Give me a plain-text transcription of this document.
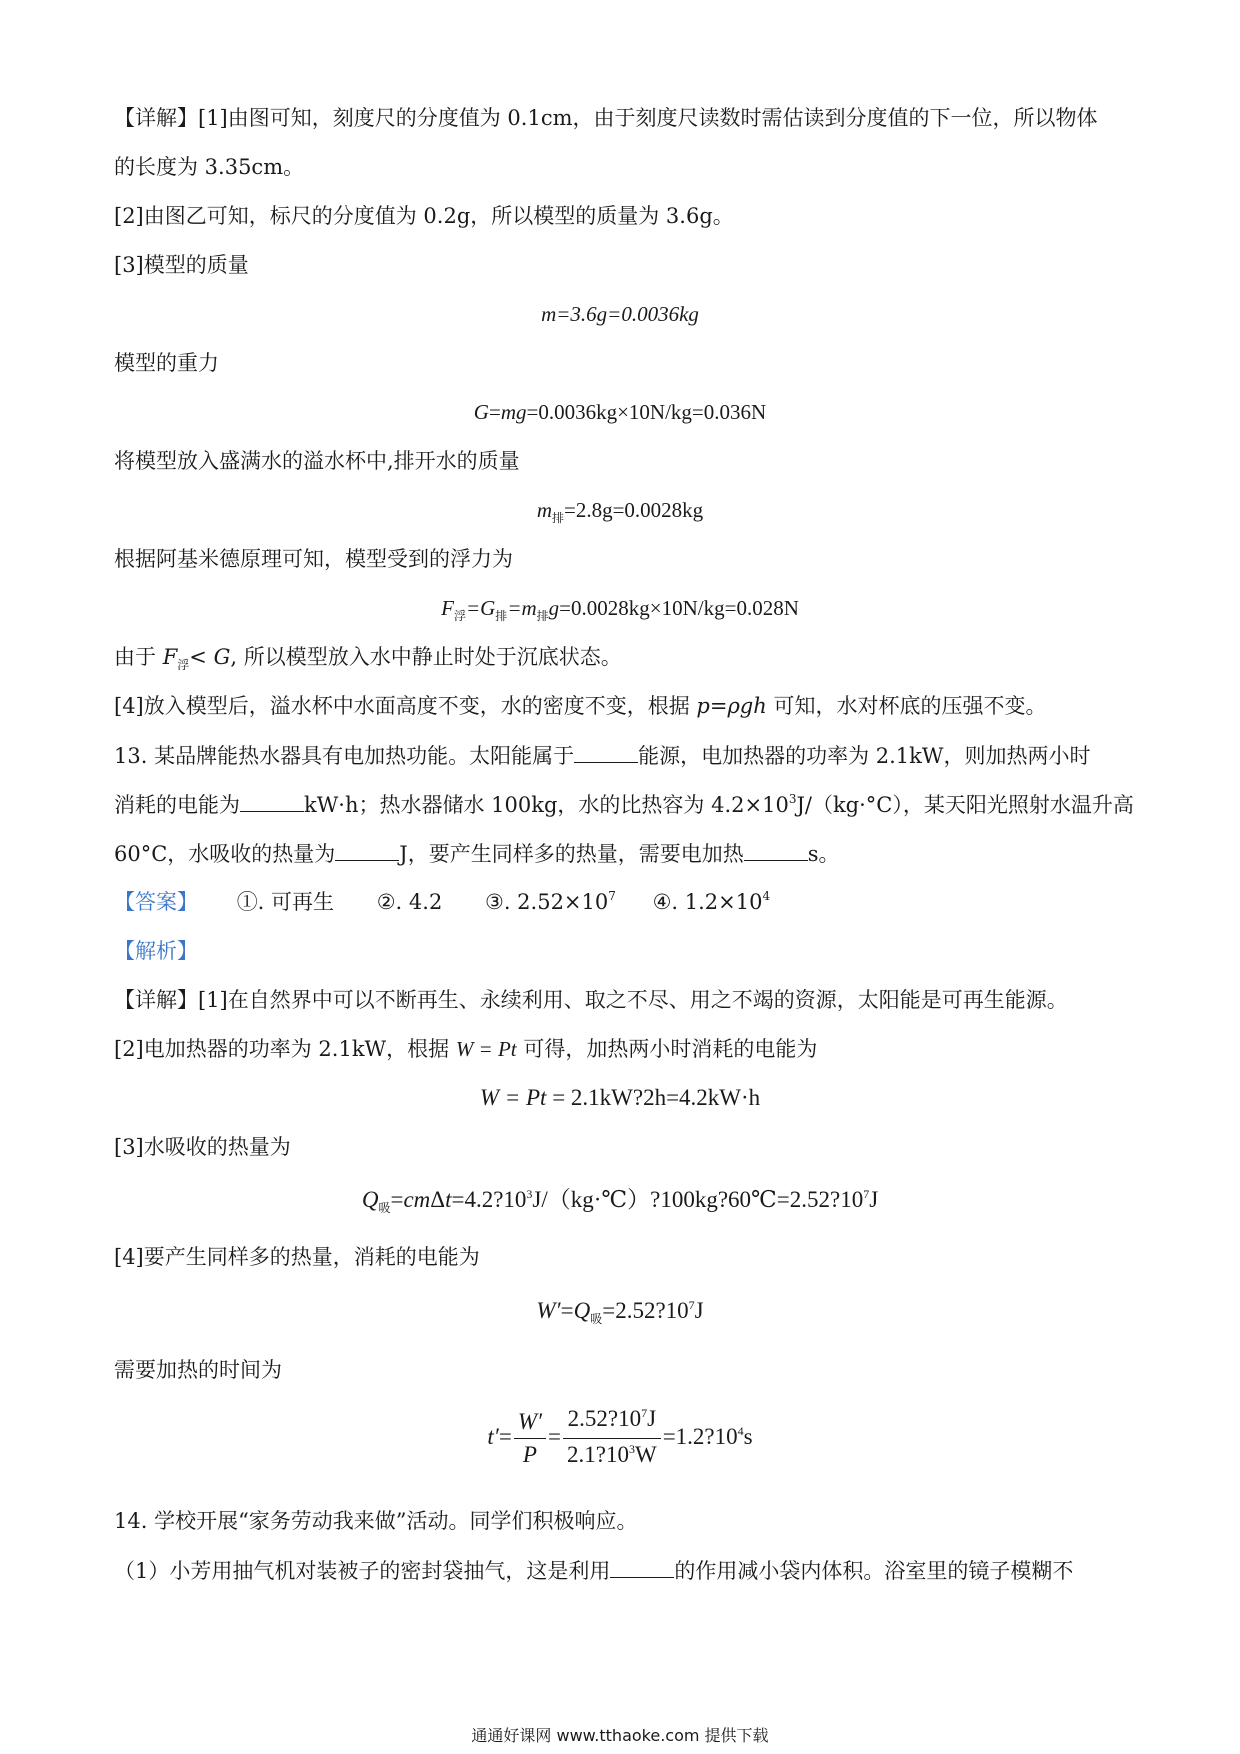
【详解】[1]由图可知，刻度尺的分度值为 0.1cm，由于刻度尺读数时需估读到分度值的下一位，所以物体
的长度为 3.35cm。
[2]由图乙可知，标尺的分度值为 0.2g，所以模型的质量为 3.6g。
[3]模型的质量
m=3.6g=0.0036kg
模型的重力
G=mg=0.0036kg×10N/kg=0.036N
将模型放入盛满水的溢水杯中,排开水的质量
$m_排=2.8g=0.0028kg$
根据阿基米德原理可知，模型受到的浮力为
$F_浮=G_排=m_排g=0.0028kg\times 10N/kg=0.028N$
由于 $F_浮< G$, 所以模型放入水中静止时处于沉底状态。
[4]放入模型后，溢水杯中水面高度不变，水的密度不变，根据 p=ρgh 可知，水对杯底的压强不变。
13. 某品牌能热水器具有电加热功能。太阳能属于	能源，电加热器的功率为 2.1kW，则加热两小时
消耗的电能为	kW·h；热水器储水 100kg，水的比热容为 $4.2\times 10^3J/(kg\cdot^\circ C)$，某天阳光照射水温升高
60°C，水吸收的热量为	J，要产生同样多的热量，需要电加热	s。
【答案】 ①. 可再生 ②. 4.2 ③. $2.52\times 10^7$ ④. $1.2\times 10^4$
【解析】
【详解】[1]在自然界中可以不断再生、永续利用、取之不尽、用之不竭的资源，太阳能是可再生能源。
[2]电加热器的功率为 2.1kW，根据 W = Pt 可得，加热两小时消耗的电能为
W = Pt = 2.1kW?2h=4.2kW·h
[3]水吸收的热量为
$Q_吸=cm\Delta t=4.2?10^3J/(kg\cdot℃)?100kg?60℃=2.52?10^7J$
[4]要产生同样多的热量，消耗的电能为
$W'=Q_吸=2.52?10^7J$
需要加热的时间为
$t'= \frac{W'}{P} = \frac{2.52?10^7J}{2.1?10^3W}$ $=1.2?10^4s$
14. 学校开展“家务劳动我来做”活动。同学们积极响应。
（1）小芳用抽气机对装被子的密封袋抽气，这是利用	的作用减小袋内体积。浴室里的镜子模糊不
通通好课网 www.tthaoke.com 提供下载
